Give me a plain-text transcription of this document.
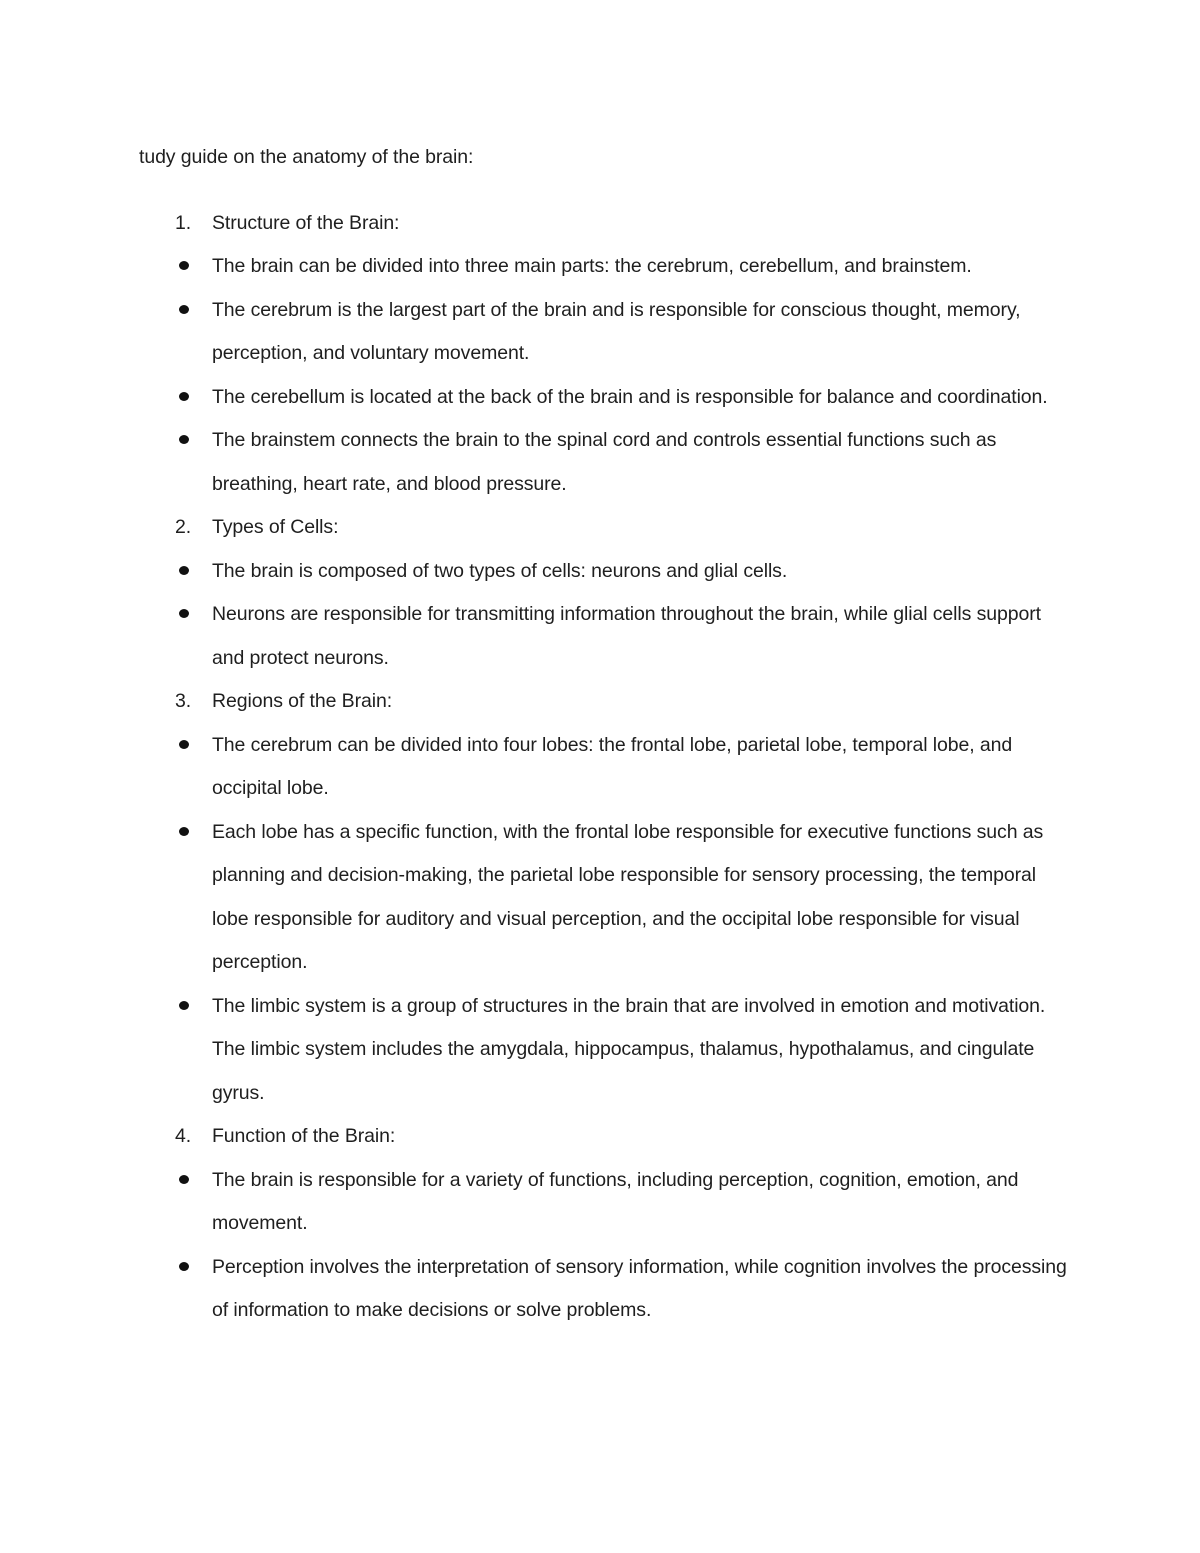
tudy guide on the anatomy of the brain:

1. Structure of the Brain:
The brain can be divided into three main parts: the cerebrum, cerebellum, and brainstem.
The cerebrum is the largest part of the brain and is responsible for conscious thought, memory, perception, and voluntary movement.
The cerebellum is located at the back of the brain and is responsible for balance and coordination.
The brainstem connects the brain to the spinal cord and controls essential functions such as breathing, heart rate, and blood pressure.
2. Types of Cells:
The brain is composed of two types of cells: neurons and glial cells.
Neurons are responsible for transmitting information throughout the brain, while glial cells support and protect neurons.
3. Regions of the Brain:
The cerebrum can be divided into four lobes: the frontal lobe, parietal lobe, temporal lobe, and occipital lobe.
Each lobe has a specific function, with the frontal lobe responsible for executive functions such as planning and decision-making, the parietal lobe responsible for sensory processing, the temporal lobe responsible for auditory and visual perception, and the occipital lobe responsible for visual perception.
The limbic system is a group of structures in the brain that are involved in emotion and motivation. The limbic system includes the amygdala, hippocampus, thalamus, hypothalamus, and cingulate gyrus.
4. Function of the Brain:
The brain is responsible for a variety of functions, including perception, cognition, emotion, and movement.
Perception involves the interpretation of sensory information, while cognition involves the processing of information to make decisions or solve problems.
